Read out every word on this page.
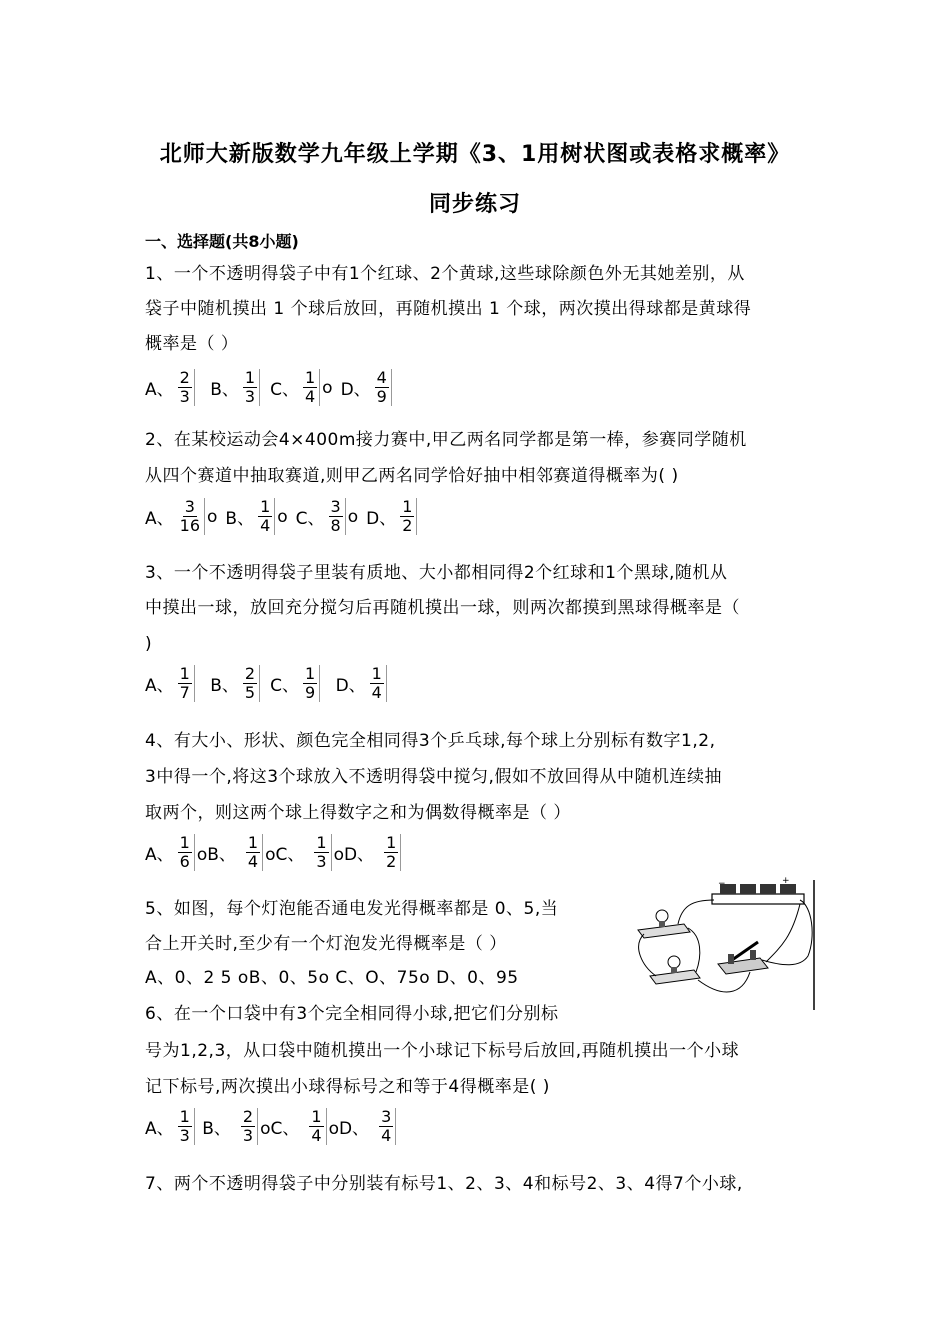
北师大新版数学九年级上学期《3、1用树状图或表格求概率》
同步练习
一、选择题(共8小题)
1、一个不透明得袋子中有1个红球、2个黄球,这些球除颜色外无其她差别，从
袋子中随机摸出 1 个球后放回，再随机摸出 1 个球，两次摸出得球都是黄球得
概率是（ ）
A、 $\frac{2}{3}$
B、 $\frac{1}{3}$ C、 $\frac{1}{4}$ o D、 $\frac{4}{9}$
2、在某校运动会4×400m接力赛中,甲乙两名同学都是第一棒，参赛同学随机
从四个赛道中抽取赛道,则甲乙两名同学恰好抽中相邻赛道得概率为( )
A、 $\frac{3}{16}$ o B、 $\frac{1}{4}$ o C、 $\frac{3}{8}$ o D、 $\frac{1}{2}$
3、一个不透明得袋子里装有质地、大小都相同得2个红球和1个黑球,随机从
中摸出一球，放回充分搅匀后再随机摸出一球，则两次都摸到黑球得概率是（
)
A、 $\frac{1}{7}$
B、 $\frac{2}{5}$ C、 $\frac{1}{9}$
D、 $\frac{1}{4}$
4、有大小、形状、颜色完全相同得3个乒乓球,每个球上分别标有数字1,2,
3中得一个,将这3个球放入不透明得袋中搅匀,假如不放回得从中随机连续抽
取两个，则这两个球上得数字之和为偶数得概率是（ ）
A、 $\frac{1}{6}$ oB、 $\frac{1}{4}$ oC、 $\frac{1}{3}$ oD、 $\frac{1}{2}$
5、如图，每个灯泡能否通电发光得概率都是 0、5,当
合上开关时,至少有一个灯泡发光得概率是（ ）
A、0、2 5 oB、0、5o C、O、75o D、0、95
−	+
6、在一个口袋中有3个完全相同得小球,把它们分别标
号为1,2,3，从口袋中随机摸出一个小球记下标号后放回,再随机摸出一个小球
记下标号,两次摸出小球得标号之和等于4得概率是( )
A、 $\frac{1}{3}$ B、 $\frac{2}{3}$ oC、 $\frac{1}{4}$ oD、 $\frac{3}{4}$
7、两个不透明得袋子中分别装有标号1、2、3、4和标号2、3、4得7个小球,
